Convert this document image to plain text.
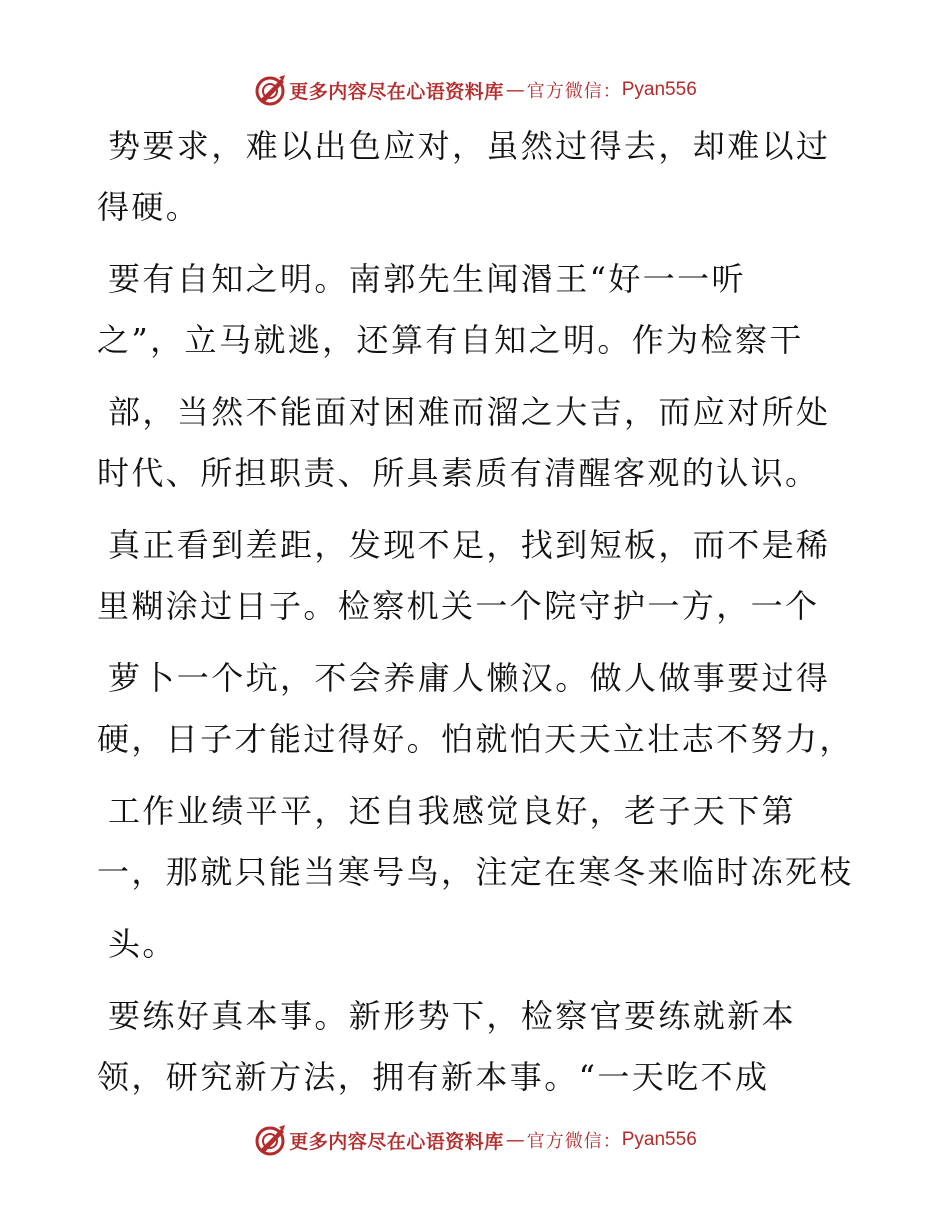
更多内容尽在心语资料库 — 官方微信： Pyan556
势要求，难以出色应对，虽然过得去，却难以过
得硬。
要有自知之明。南郭先生闻湣王“好一一听
之”，立马就逃，还算有自知之明。作为检察干
部，当然不能面对困难而溜之大吉，而应对所处
时代、所担职责、所具素质有清醒客观的认识。
真正看到差距，发现不足，找到短板，而不是稀
里糊涂过日子。检察机关一个院守护一方，一个
萝卜一个坑，不会养庸人懒汉。做人做事要过得
硬，日子才能过得好。怕就怕天天立壮志不努力，
工作业绩平平，还自我感觉良好，老子天下第
一，那就只能当寒号鸟，注定在寒冬来临时冻死枝
头。
要练好真本事。新形势下，检察官要练就新本
领，研究新方法，拥有新本事。“一天吃不成
更多内容尽在心语资料库 — 官方微信： Pyan556
